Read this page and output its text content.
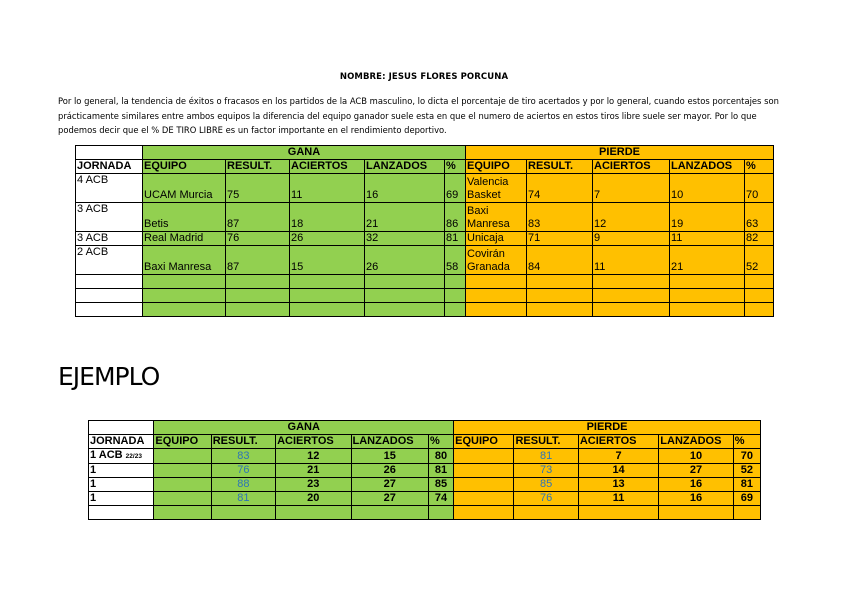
NOMBRE: JESUS FLORES PORCUNA
Por lo general, la tendencia de éxitos o fracasos en los partidos de la ACB masculino, lo dicta el porcentaje de tiro acertados y por lo general, cuando estos porcentajes son prácticamente similares entre ambos equipos la diferencia del equipo ganador suele esta en que el numero de aciertos en estos tiros libre suele ser mayor. Por lo que podemos decir que el % DE TIRO LIBRE es un factor importante en el rendimiento deportivo.
	GANA					PIERDE				
JORNADA	EQUIPO	RESULT.	ACIERTOS	LANZADOS	%	EQUIPO	RESULT.	ACIERTOS	LANZADOS	%
4 ACB	UCAM Murcia	75	11	16	69	Valencia Basket	74	7	10	70
3 ACB	Betis	87	18	21	86	Baxi Manresa	83	12	19	63
3 ACB	Real Madrid	76	26	32	81	Unicaja	71	9	11	82
2 ACB	Baxi Manresa	87	15	26	58	Covirán Granada	84	11	21	52

EJEMPLO
	GANA					PIERDE				
JORNADA	EQUIPO	RESULT.	ACIERTOS	LANZADOS	%	EQUIPO	RESULT.	ACIERTOS	LANZADOS	%
1 ACB 22/23		83	12	15	80		81	7	10	70
1		76	21	26	81		73	14	27	52
1		88	23	27	85		85	13	16	81
1		81	20	27	74		76	11	16	69
